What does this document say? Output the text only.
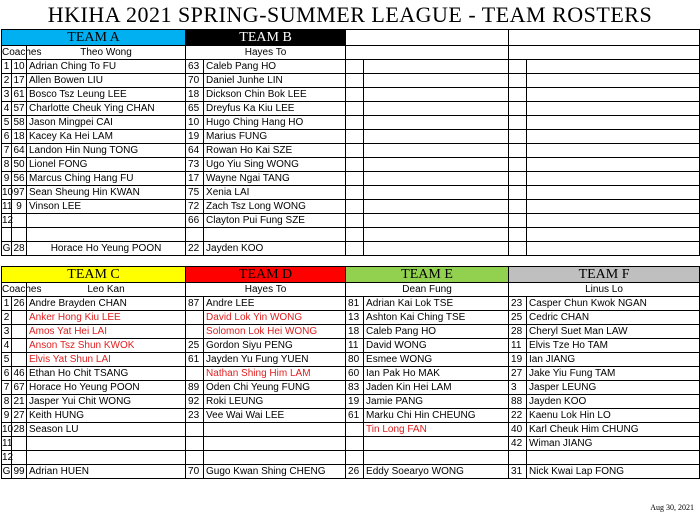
HKIHA 2021 SPRING-SUMMER LEAGUE - TEAM ROSTERS
TEAM A			TEAM B					
Coaches		Theo Wong	Hayes To					
1	10	Adrian Ching To FU	63	Caleb Pang HO				
2	17	Allen Bowen LIU	70	Daniel Junhe LIN				
3	61	Bosco Tsz Leung LEE	18	Dickson Chin Bok LEE				
4	57	Charlotte Cheuk Ying CHAN	65	Dreyfus Ka Kiu LEE				
5	58	Jason Mingpei CAI	10	Hugo Ching Hang HO				
6	18	Kacey Ka Hei LAM	19	Marius FUNG				
7	64	Landon Hin Nung TONG	64	Rowan Ho Kai SZE				
8	50	Lionel FONG	73	Ugo Yiu Sing WONG				
9	56	Marcus Ching Hang FU	17	Wayne Ngai TANG				
10	97	Sean Sheung Hin KWAN	75	Xenia LAI				
11	9	Vinson LEE	72	Zach Tsz Long WONG				
12			66	Clayton Pui Fung SZE				

G	28	Horace Ho Yeung POON	22	Jayden KOO				
TEAM C			TEAM D		TEAM E		TEAM F	
Coaches		Leo Kan	Hayes To		Dean Fung		Linus Lo	
1	26	Andre Brayden CHAN	87	Andre LEE	81	Adrian Kai Lok TSE	23	Casper Chun Kwok NGAN
2		Anker Hong Kiu LEE		David Lok Yin WONG	13	Ashton Kai Ching TSE	25	Cedric CHAN
3		Amos Yat Hei LAI		Solomon Lok Hei WONG	18	Caleb Pang HO	28	Cheryl Suet Man LAW
4		Anson Tsz Shun KWOK	25	Gordon Siyu PENG	11	David WONG	11	Elvis Tze Ho TAM
5		Elvis Yat Shun LAI	61	Jayden Yu Fung YUEN	80	Esmee WONG	19	Ian JIANG
6	46	Ethan Ho Chit TSANG		Nathan Shing Him LAM	60	Ian Pak Ho MAK	27	Jake Yiu Fung TAM
7	67	Horace Ho Yeung POON	89	Oden Chi Yeung FUNG	83	Jaden Kin Hei LAM	3	Jasper LEUNG
8	21	Jasper Yui Chit WONG	92	Roki LEUNG	19	Jamie PANG	88	Jayden KOO
9	27	Keith HUNG	23	Vee Wai Wai LEE	61	Marku Chi Hin CHEUNG	22	Kaenu Lok Hin LO
10	28	Season LU				Tin Long FAN	40	Karl Cheuk Him CHUNG
11							42	Wiman JIANG
12								
G	99	Adrian HUEN	70	Gugo Kwan Shing CHENG	26	Eddy Soearyo WONG	31	Nick Kwai Lap FONG
Aug 30, 2021
